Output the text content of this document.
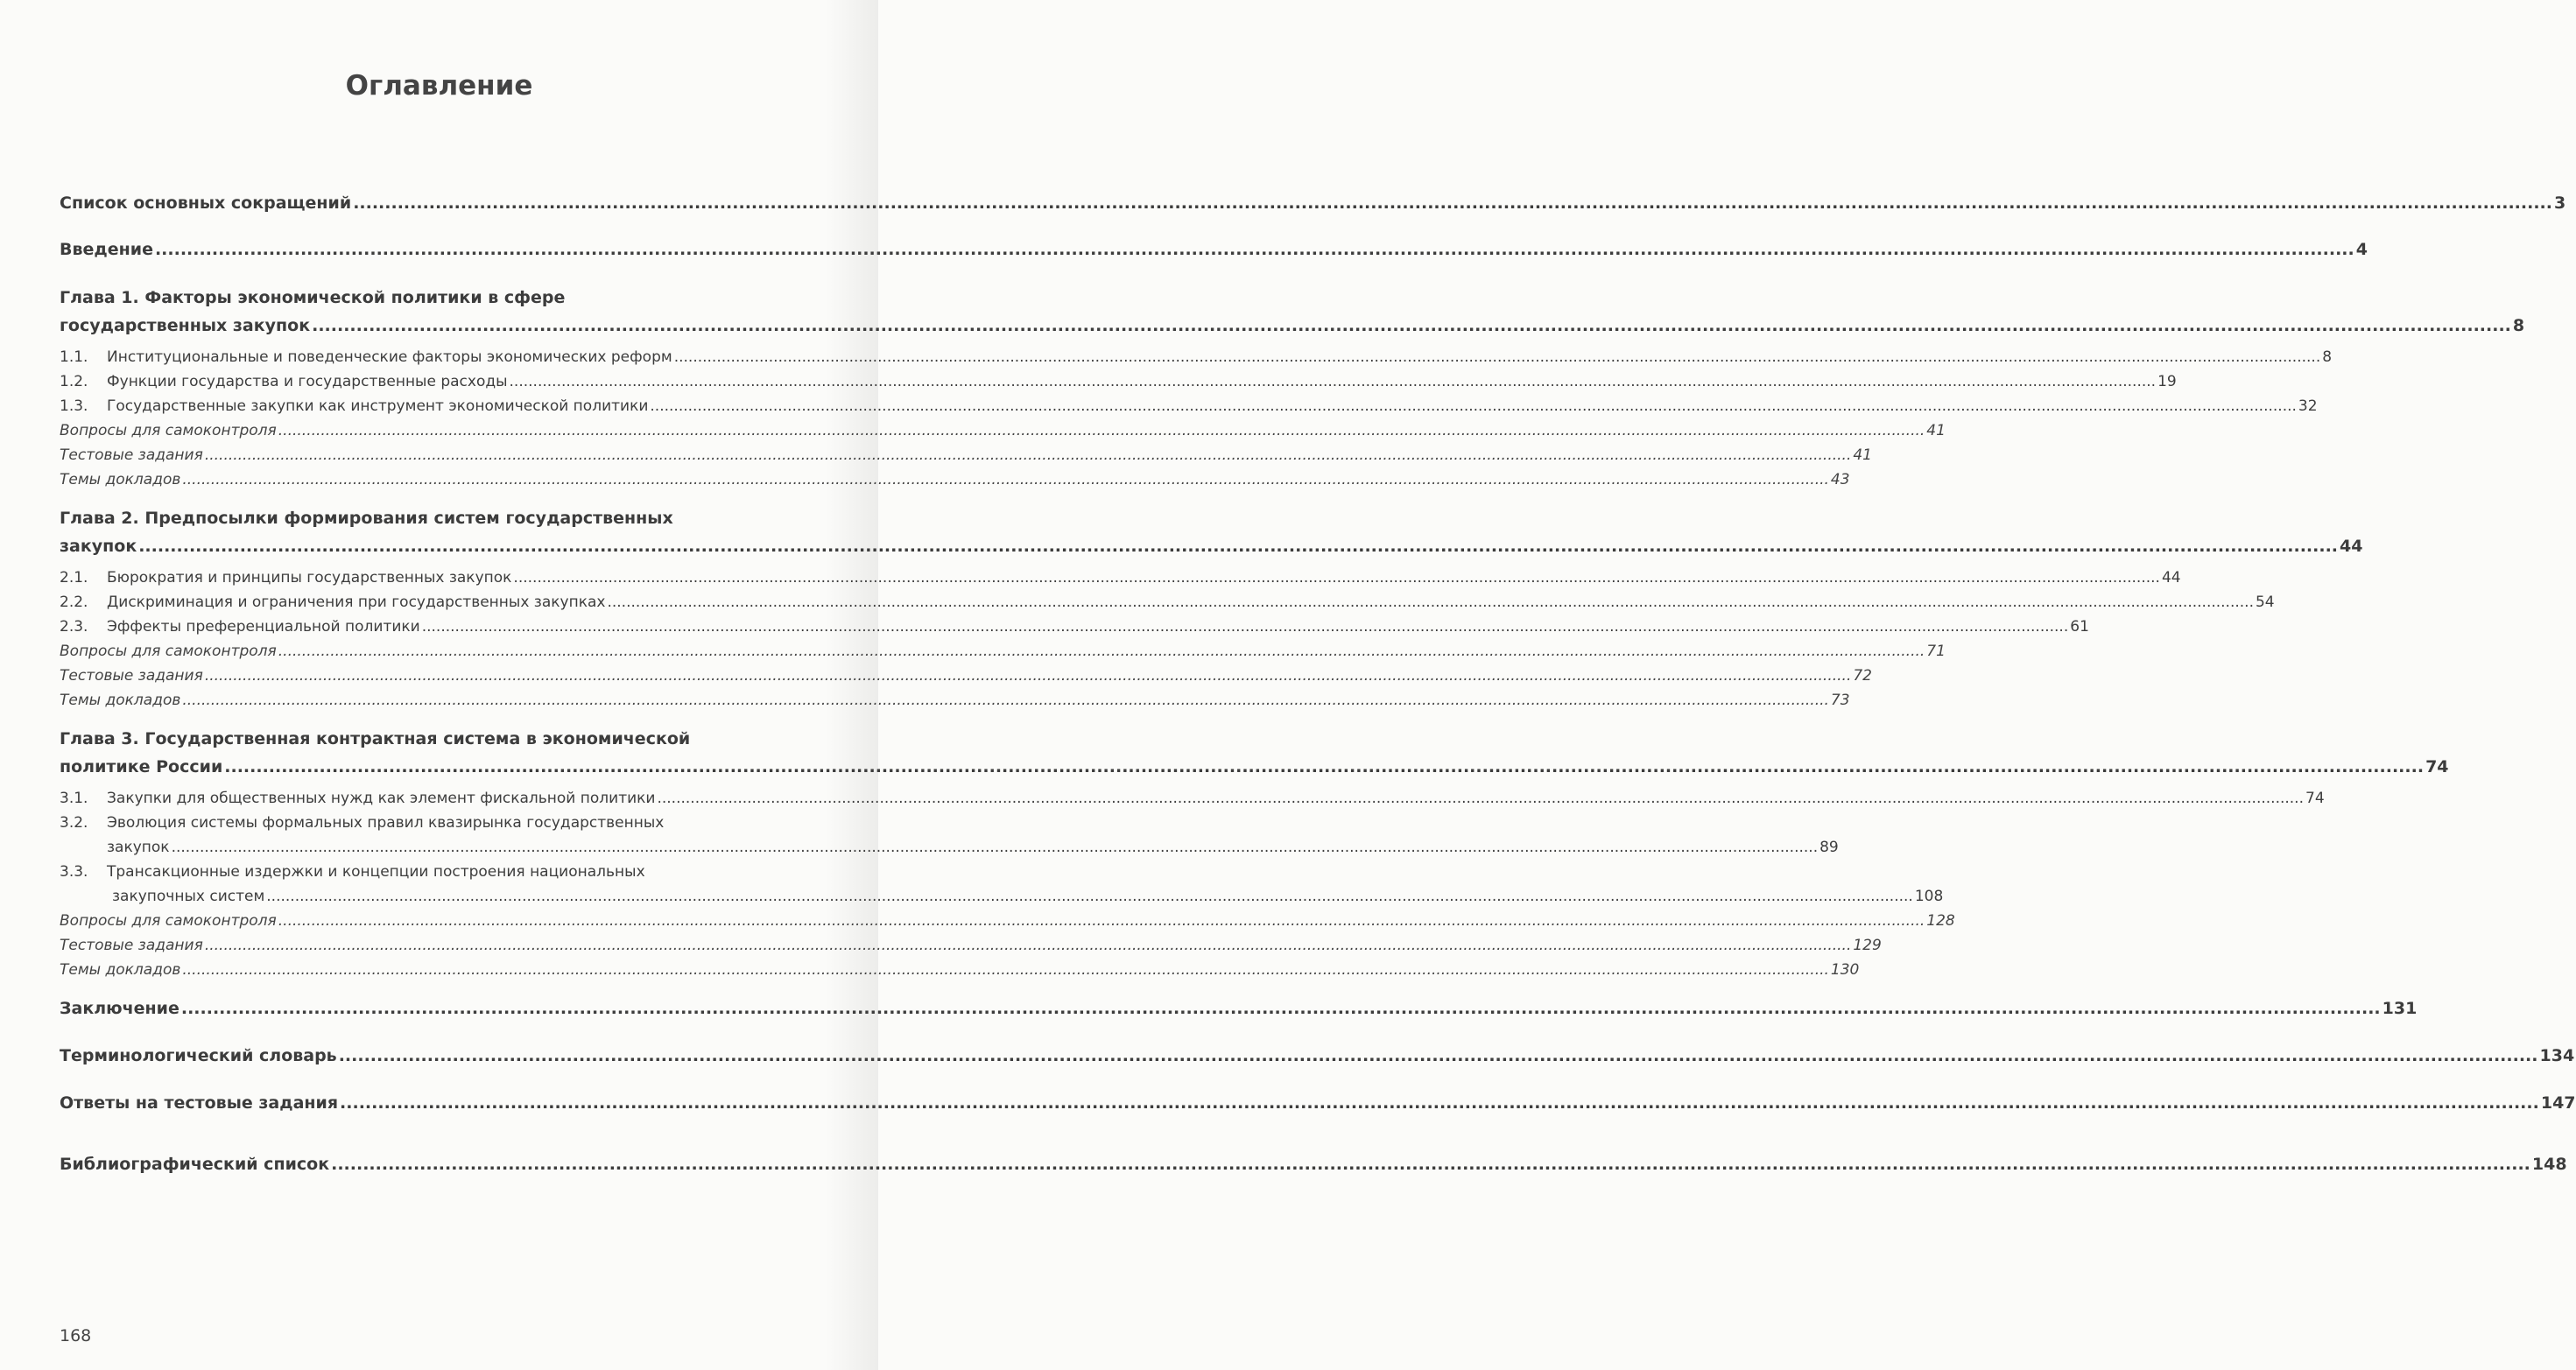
Оглавление
Список основных сокращений .....	3
Введение .....	4
Глава 1. Факторы экономической политики в сфере
государственных закупок .....	8
1.1. Институциональные и поведенческие факторы экономических реформ .....	8
1.2. Функции государства и государственные расходы .....	19
1.3. Государственные закупки как инструмент экономической политики .....	32
Вопросы для самоконтроля .....	41
Тестовые задания .....	41
Темы докладов .....	43
Глава 2. Предпосылки формирования систем государственных
закупок .....	44
2.1. Бюрократия и принципы государственных закупок .....	44
2.2. Дискриминация и ограничения при государственных закупках .....	54
2.3. Эффекты преференциальной политики .....	61
Вопросы для самоконтроля .....	71
Тестовые задания .....	72
Темы докладов .....	73
Глава 3. Государственная контрактная система в экономической
политике России .....	74
3.1. Закупки для общественных нужд как элемент фискальной политики .....	74
3.2. Эволюция системы формальных правил квазирынка государственных
закупок .....	89
3.3. Трансакционные издержки и концепции построения национальных
закупочных систем .....	108
Вопросы для самоконтроля .....	128
Тестовые задания .....	129
Темы докладов .....	130
Заключение .....	131
Терминологический словарь .....	134
Ответы на тестовые задания .....	147
Библиографический список .....	148
168
